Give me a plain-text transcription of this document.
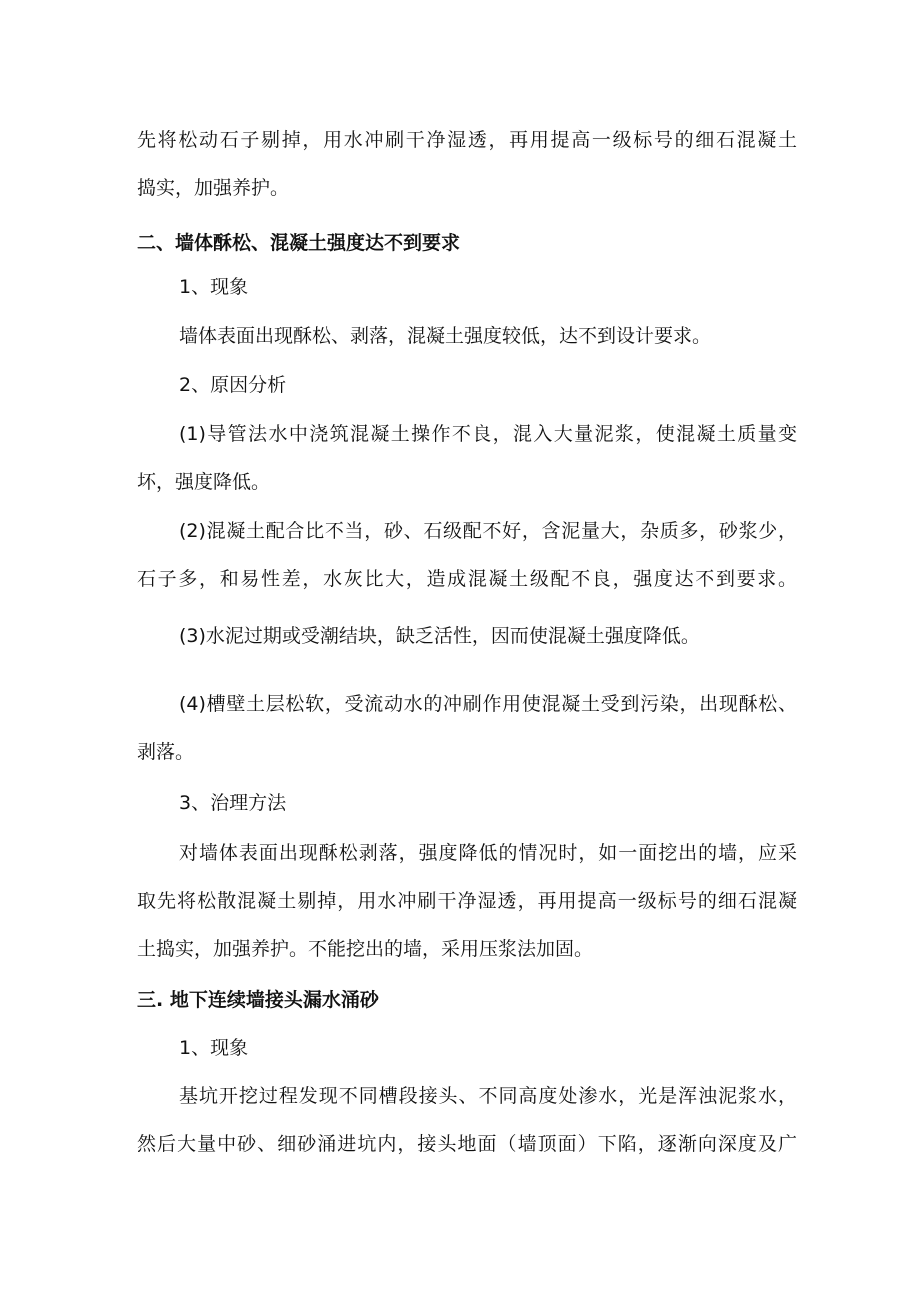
先将松动石子剔掉，用水冲刷干净湿透，再用提高一级标号的细石混凝土
捣实，加强养护。
二、墙体酥松、混凝土强度达不到要求
1、现象
墙体表面出现酥松、剥落，混凝土强度较低，达不到设计要求。
2、原因分析
(1)导管法水中浇筑混凝土操作不良，混入大量泥浆，使混凝土质量变
坏，强度降低。
(2)混凝土配合比不当，砂、石级配不好，含泥量大，杂质多，砂浆少，
石子多，和易性差，水灰比大，造成混凝土级配不良，强度达不到要求。
(3)水泥过期或受潮结块，缺乏活性，因而使混凝土强度降低。
(4)槽壁土层松软，受流动水的冲刷作用使混凝土受到污染，出现酥松、
剥落。
3、治理方法
对墙体表面出现酥松剥落，强度降低的情况时，如一面挖出的墙，应采
取先将松散混凝土剔掉，用水冲刷干净湿透，再用提高一级标号的细石混凝
土捣实，加强养护。不能挖出的墙，采用压浆法加固。
三. 地下连续墙接头漏水涌砂
1、现象
基坑开挖过程发现不同槽段接头、不同高度处渗水，光是浑浊泥浆水，
然后大量中砂、细砂涌进坑内，接头地面（墙顶面）下陷，逐渐向深度及广
